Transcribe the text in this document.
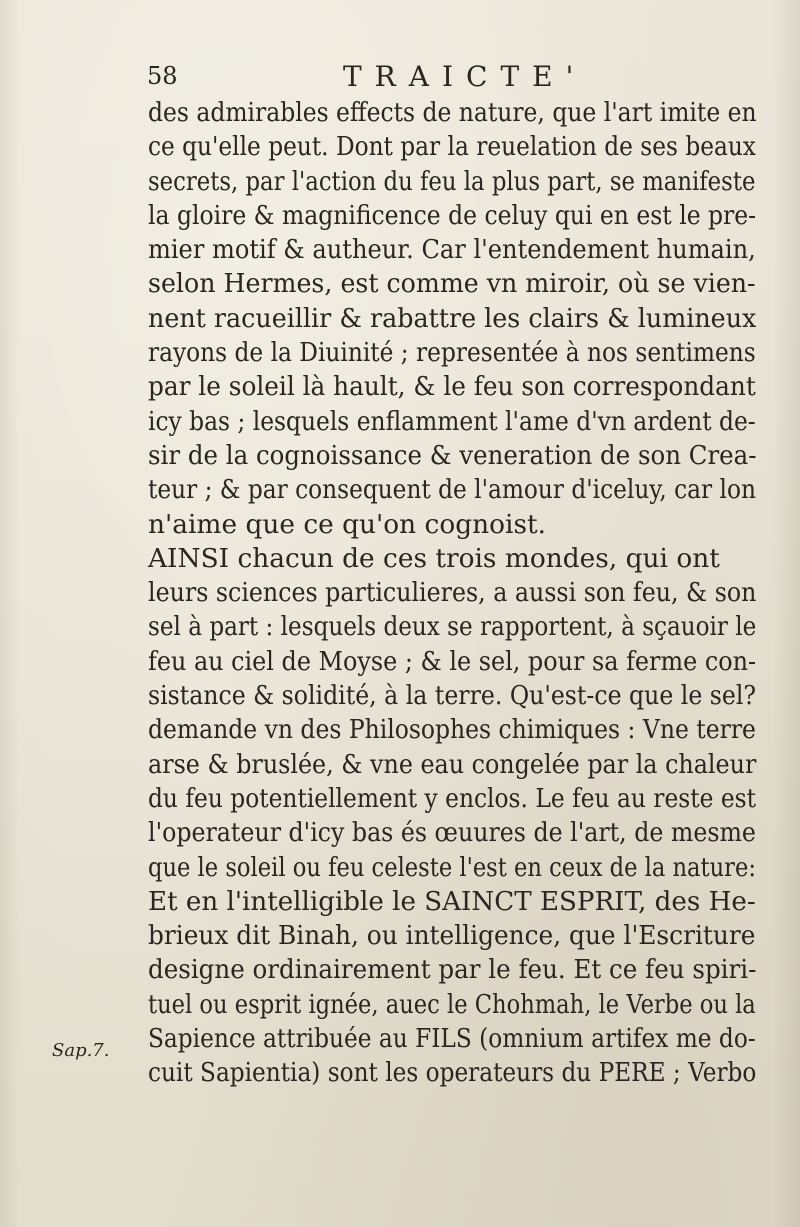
58	TRAICTE'
des admirables effects de nature, que l'art imite en
ce qu'elle peut. Dont par la reuelation de ses beaux
secrets, par l'action du feu la plus part, se manifeste
la gloire & magnificence de celuy qui en est le pre-
mier motif & autheur. Car l'entendement humain,
selon Hermes, est comme vn miroir, où se vien-
nent racueillir & rabattre les clairs & lumineux
rayons de la Diuinité ; representée à nos sentimens
par le soleil là hault, & le feu son correspondant
icy bas ; lesquels enflamment l'ame d'vn ardent de-
sir de la cognoissance & veneration de son Crea-
teur ; & par consequent de l'amour d'iceluy, car lon
n'aime que ce qu'on cognoist.
AINSI chacun de ces trois mondes, qui ont
leurs sciences particulieres, a aussi son feu, & son
sel à part : lesquels deux se rapportent, à sçauoir le
feu au ciel de Moyse ; & le sel, pour sa ferme con-
sistance & solidité, à la terre. Qu'est-ce que le sel?
demande vn des Philosophes chimiques : Vne terre
arse & bruslée, & vne eau congelée par la chaleur
du feu potentiellement y enclos. Le feu au reste est
l'operateur d'icy bas és œuures de l'art, de mesme
que le soleil ou feu celeste l'est en ceux de la nature:
Et en l'intelligible le SAINCT ESPRIT, des He-
brieux dit Binah, ou intelligence, que l'Escriture
designe ordinairement par le feu. Et ce feu spiri-
tuel ou esprit ignée, auec le Chohmah, le Verbe ou la
Sapience attribuée au FILS (omnium artifex me do-
cuit Sapientia) sont les operateurs du PERE ; Verbo
Sap.7.
